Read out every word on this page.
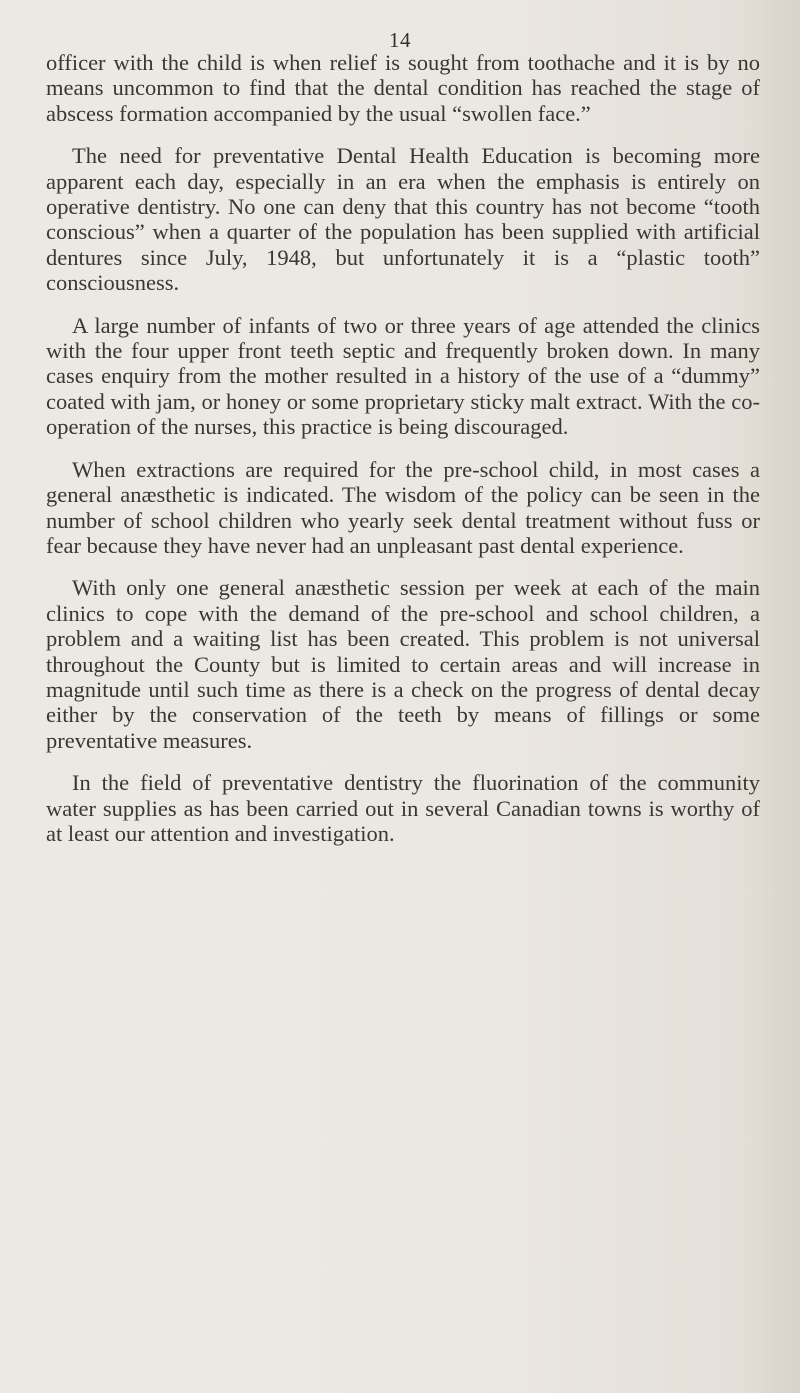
14

officer with the child is when relief is sought from toothache and it is by no means uncommon to find that the dental condition has reached the stage of abscess formation accompanied by the usual “swollen face.”

The need for preventative Dental Health Education is becoming more apparent each day, especially in an era when the emphasis is entirely on operative dentistry. No one can deny that this country has not become “tooth conscious” when a quarter of the population has been supplied with artificial dentures since July, 1948, but unfortunately it is a “plastic tooth” consciousness.

A large number of infants of two or three years of age attended the clinics with the four upper front teeth septic and frequently broken down. In many cases enquiry from the mother resulted in a history of the use of a “dummy” coated with jam, or honey or some proprietary sticky malt extract. With the co-operation of the nurses, this practice is being discouraged.

When extractions are required for the pre-school child, in most cases a general anæsthetic is indicated. The wisdom of the policy can be seen in the number of school children who yearly seek dental treatment without fuss or fear because they have never had an unpleasant past dental experience.

With only one general anæsthetic session per week at each of the main clinics to cope with the demand of the pre-school and school children, a problem and a waiting list has been created. This problem is not universal throughout the County but is limited to certain areas and will increase in magnitude until such time as there is a check on the progress of dental decay either by the conservation of the teeth by means of fillings or some preventative measures.

In the field of preventative dentistry the fluorination of the community water supplies as has been carried out in several Canadian towns is worthy of at least our attention and investigation.
